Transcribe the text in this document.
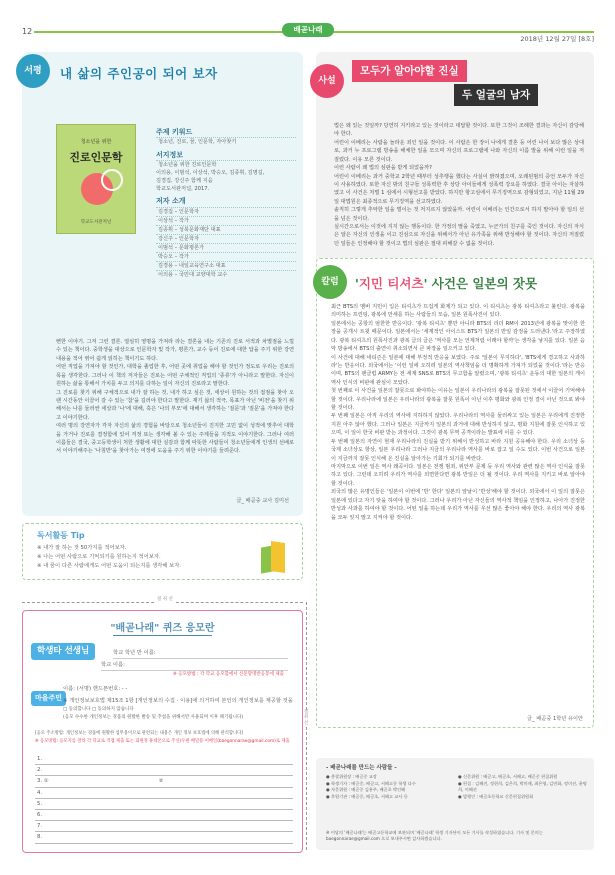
12	배곧나래
2018년 12월 27일 [8호]
서평	내 삶의 주인공이 되어 보자
청소년을 위한
진로인문학
학교도서관저널
주제 키워드
청소년, 진로, 꿈, 인문학, 자아찾기
서지정보
청소년을 위한 진로인문학
이의용, 이범석, 이상석, 박승오, 김종휘, 김명길,
김경집, 강신주 함께 지음
학교도서관저널, 2017.
저자 소개
김경집 – 인문학자
이상석 – 작가
김종휘 – 성북문화재단 대표
강신주 – 인문학자
이범석 – 문화평론가
박승오 – 작가
김경용 – 내일교육연구소 대표
이의용 – 국민대 교양대학 교수

뻔한 이야기. 그저 그런 결론. 열심히 영명을 가져라 라는 결론을 내는 기존의 진로 서적과 차별점을 느낄 수 있는 책이다. 중학생을 대상으로 인문학자 및 작가, 평론가, 교수 등이 진로에 대한 답을 주기 위한 강연 내용을 적어 엮어 쉽게 읽히는 책이기도 하다.

어떤 직업을 가져야 할 것인가, 대학을 졸업한 후, 어떤 곳에 취업을 해야 할 것인가 정도로 우리는 진로의 폭을 생각한다. 그러나 이 책의 저자들은 진로는 어떤 구체적인 직업의 '종류'가 아니라고 말한다. 자신이 원하는 삶을 통해서 가치를 두고 의지를 다하는 일이 자신의 진로라고 말한다.

그 진로를 찾기 위해 구체적으로 내가 잘 하는 것, 내가 하고 싶은 것, 세상이 원하는 것의 접점을 찾아 오랜 시간동안 이끌어 갈 수 있는 '참'을 길러야 한다고 말한다. 재기 삶의 적극, 목표가 아닌 '비전'을 찾기 위해서는 나를 둘러싼 세상과 '나'에 대해, 혹은 '나의 부모'에 대해서 생각하는 '질문'과 '질문'을 가져야 한다고 이야기한다.

여러 명의 강연자가 각자 자신의 삶의 경험을 바탕으로 청소년들이 진지한 고민 없이 성적에 맞추어 대학을 가거나 진로를 결정함에 있어 걱정 또는 생각해 볼 수 있는 주제들을 지적도 이야기한다. 그러나 여러 이름들은 결국, 중고등학생이 처한 생활에 대한 실감과 함께 따뜻한 사람들이 청소년들에게 인생의 선배로서 이야기해주는 '나침반'을 찾아가는 여정에 도움을 주기 위한 이야기를 들려준다.

글_ 배곧중 교사 김미선
독서활동 Tip
※ 내가 잘 하는 것 50가지를 적어보자.
※ 나는 어떤 사람으로 기억되기를 원하는지 적어보자.
※ 내 꿈이 다른 사람에게도 어떤 도움이 되는지를 생각해 보자.
절 취 선
절취선
"배곧나래" 퀴즈 응모란
학생타 선생님	학교 학년 반 이름:
학교 이름:
※ 응모방법 : 각 학교 응모함에서 신문망명반응봉에 제출
마을주민
이름: (서명) 핸드폰번호: - -
※ 개인정보보호법 제15조 1항 [개인정보의 수집 · 이용]에 의거하여 본인의 개인정보를 제공할 것을
□ 동의합니다 □ 동의하지 않습니다
(응모 수수한 개인정보는 경품의 원활한 발송 및 추첨을 위해서만 사용되며 이후 폐기됩니다)
[응모 주소방법: 개인정보는 경품에 원활한 업무용이므로 관련되는 내용은 개인 정보 보호법에 의해 관리합니다]
※ 응모방법: 응모지를 잘라 각 학교로 직접 제출 또는 회원정 휴대폰으로 주신(우편 배달용 이메일(baegonnarae@gmail.com)로 제출
1.
2.
3. ①	②
4.
5.
6.
7.
8.
사설
모두가 알아야할 진실
두 얼굴의 남자

법은 왜 있는 것일까? 당연히 지키라고 있는 것이라고 대답할 것이다. 또한 그것이 조례한 결과는 자신이 감당해야 한다.

어린이 이베리는 사람을 놀라운 죄인 일을 것이다. 이 사람은 한 장이 나에게 결혼 등 어린 나이 보다 많은 상대로, 과거 누 프로그램 방송을 해체한 일을 모으며 자신의 프로그램에 나와 자신의 이름 발을 위해 이런 일을 저질렀다. 이유 모른 것이다.

이런 사람이 왜 법의 심판을 받게 되었을까?

어린이 이베리는 과거 중학교 2학년 때부터 성추행을 했다는 사실이 밝혀졌으며, 오래된범의 증언 모두가 자신이 사용하였다. 또한 자신 밖의 친구들 성폭력한 후 상당 아이들에게 성폭력 강요를 하였다. 결국 아이는 자살하였고 이 사건은 처벌 1 심에서 시형선고를 받았다. 하지만 항고심에서 무기징역으로 감형되었고, 지난 11월 29일 대법원은 최종적으로 무기징역을 선고하였다.

솔직히 그렇게 추악한 일을 벌이는 것 저지르지 않았을까. 어린이 이베리는 인간으로서 하지 말아야 할 일의 선을 넘은 것이다.

실시간으로서는 이것에 지지 않는 행동이다. 한 가정의 딸을 죽였고, 누군가의 친구를 죽인 것이다. 자신의 자식은 알은 자신의 인생을 이고 진심으로 자신을 위해서가 아닌 유가족을 위해 반성해야 할 것이다. 자신의 저질렀던 일들은 인정해야 할 것이고 법의 심판은 절대 피해갈 수 없을 것이다.

칼럼	'지민 티셔츠' 사건은 일본의 잣못

최근 BTS의 멤버 지민이 입은 티셔츠가 뜨겁게 화제가 되고 있다. 이 티셔츠는 광복 티셔츠라고 불린다. 광복을 의미하는 프린팅, 광복에 만세를 하는 사람들의 모습, 일본 원폭사진이 있다.

일본에서는 공항의 엄한한 반응이다. '광복 티셔츠' 뿐만 아니라 BTS의 리더 RM이 2013년에 광복을 맞이한 한 장을 공개시 트윗 때문이다. 일본에서는 '세계적인 아이스트 BTS가 일본의 반일 감정을 드러낸다.'라고 주장하였다. 광복 티셔츠의 원폭사진과 광복 글의 글은 '역사를 모는 언제처럼 이래야 할까'는 생각을 낳지를 있다. 일본 음악 방송에서 BTS의 출연이 취소되면서 큰 파장을 일으키고 있다.

이 사건에 대해 네티즌은 일본에 대해 부정적 반응을 보였다. 주로 '일본이 무지하다', 'BTS에게 경고하고 사과하라'는 반응이다. 외국에서는 '이런 일에 오히려 일본의 역사책임을 더 명확하게 가져가 되었을 것이다.'라는 반응이며, BTS의 팬클럽 ARMY는 전 세계 SNS로 BTS의 무고함을 알렸으며, '광복 티셔츠' 운동의 대한 일본의 게이 역사 인식의 비판에 관심이 모았다.

첫 번째로 이 사건을 일본의 잘못으로 봐야하는 이유는 일본이 우리나라의 광복을 잘못된 것에서 이끌어 기억해야 할 것이다. 우리나라에 일본은 우리나라의 광복을 잘못 원폭이 아닌 이후 평화와 광복 인정 결이 아닌 것으로 봐야 할 것이다.

두 번째 일본은 아직 우리의 역사에 지하하지 않았다. 우리나라의 역사를 둘러싸고 있는 일본은 우리에게 진정한 지원 아주 않아 했다. 그러나 일본은 지금까지 일본의 과거에 대해 반성하지 않고, 평화 지원에 잘못 인식하고 있으며, 이 일이 한국 비판 받는 과정이다. 그것이 광복 무역 공격이라는 발표에 이를 수 있다.

두 번째 일본의 자연이 현재 우리나라의 진실을 받기 위해서 반성하고 바라 지원 공유해야 한다. 우리 소녀상 등 국제 소녀상도 항상, 일본 우리나라 그러나 지금의 우리나라 역사를 바로 잡고 일 수도 있다. 이번 사건으로 일본이 지금까지 잘못 인식해 온 진실을 알아가는 기회가 되기를 바란다.

마지막으로 이번 일은 역사 왜곡이다. 일본은 전쟁 범죄, 위안부 문제 등 우리 역사와 관련 많은 역사 인식을 잘못하고 있다. 그런데 오히려 우리가 역사를 외면한다면 광복 반일은 더 될 것이다. 우리 역사를 지키고 바로 알아야 할 것이다.

외국의 많은 유명인들은 '일본이 이번에 '반' 한다' 일본의 앞날이 '반성'해야 할 것이다. 외국에서 이 일의 잘못은 일본에 있다고 자기 탓을 하여야 할 것이다. 그러나 우리가 아닌 자신들의 역사적 책임을 인정하고, 나아가 진정한 반성과 사과를 하여야 할 것이다. 어떤 일을 하는데 우리가 역사를 우선 많은 좋아야 해야 한다. 우리의 역사 광복을 모두 잊지 말고 지켜야 할 것이다.

글_ 배곧중 1학년 유이안
- 배곧나래를 만드는 사람들 -
● 총괄위원장 : 배곧중 교장
● 학생기자 : 배곧중, 배곧고, 서해고등 학생 다수
● 자문위원 : 배곧중 김용주, 배곧초 박인혜
● 후원기관 : 배곧중, 배곧초, 서해고 교사 등
● 신문위원 : 배곧고, 배곧초, 서해고, 배곧중 편집위원
● 편집 : 김혜진, 정현희, 김은희, 박미애, 최은영, 김연화, 정미선, 윤명희, 이혜선
● 발행인 : 배곧초등학교 신문편집위원회
※ 이달의 '배곧나래'는 배곧고등학교에 보관되며 '배곧나래' 학생 기자단이 모든 기사를 작성하였습니다. 기사 및 문의는 baegonnarae@gmail.com 으로 보내주시면 감사하겠습니다.
